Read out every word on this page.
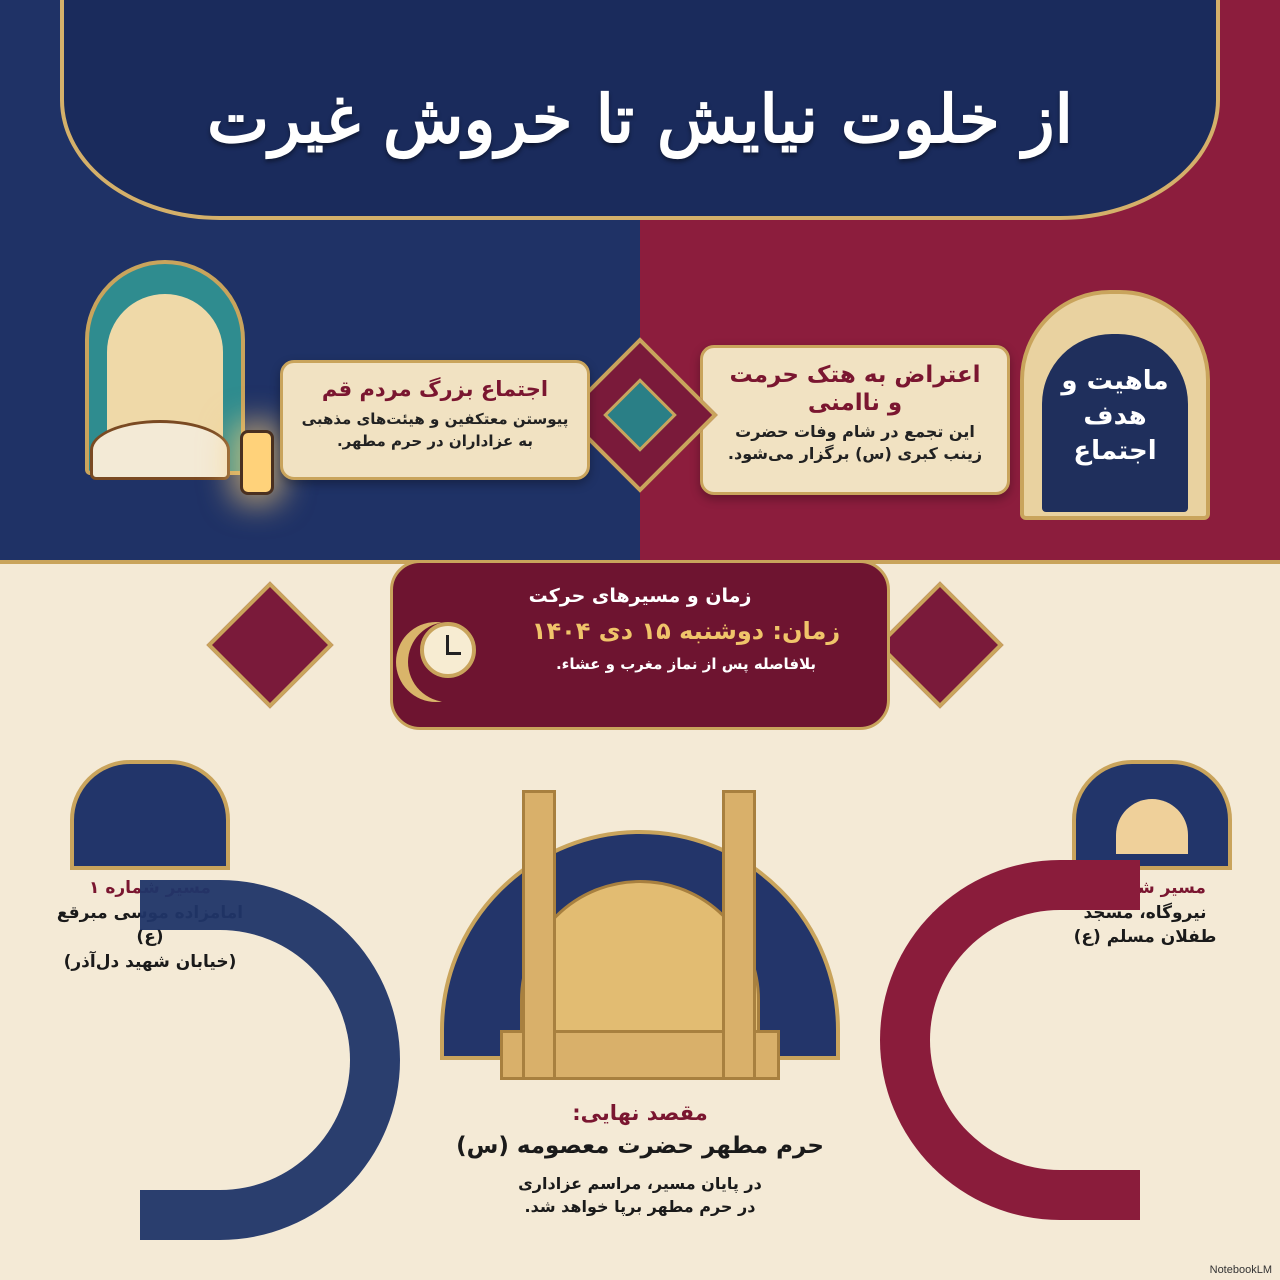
از خلوت نیایش تا خروش غیرت
ماهیت و هدف اجتماع
اعتراض به هتک حرمت و ناامنی
این تجمع در شام وفات حضرت زینب کبری (س) برگزار می‌شود.
اجتماع بزرگ مردم قم
پیوستن معتکفین و هیئت‌های مذهبی به عزاداران در حرم مطهر.
زمان و مسیرهای حرکت
زمان: دوشنبه ۱۵ دی ۱۴۰۴
بلافاصله پس از نماز مغرب و عشاء.
مسیر شماره ۱
امامزاده موسی مبرقع (ع)
(خیابان شهید دل‌آذر)
مسیر شماره ۲
نیروگاه، مسجد
طفلان مسلم (ع)
مقصد نهایی:
حرم مطهر حضرت معصومه (س)
در پایان مسیر، مراسم عزاداری در حرم مطهر برپا خواهد شد.
NotebookLM
